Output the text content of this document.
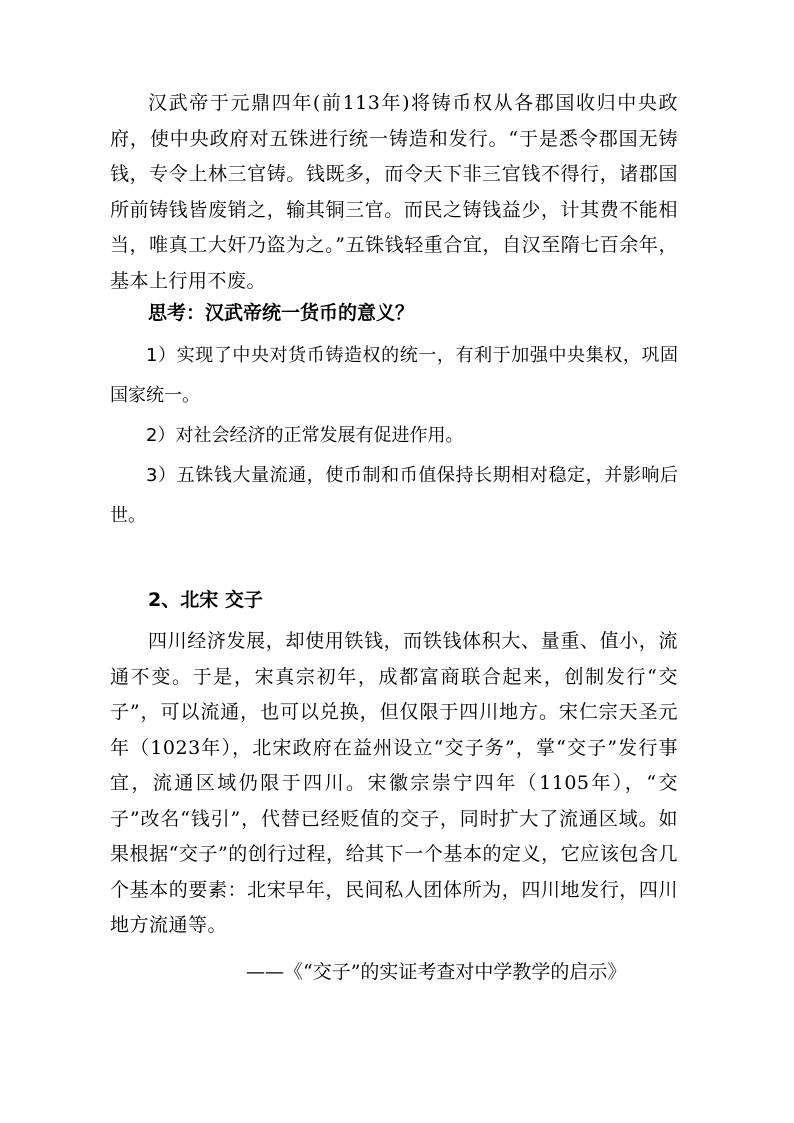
汉武帝于元鼎四年(前113年)将铸币权从各郡国收归中央政府，使中央政府对五铢进行统一铸造和发行。“于是悉令郡国无铸钱，专令上林三官铸。钱既多，而令天下非三官钱不得行，诸郡国所前铸钱皆废销之，输其铜三官。而民之铸钱益少，计其费不能相当，唯真工大奸乃盗为之。”五铢钱轻重合宜，自汉至隋七百余年，基本上行用不废。

思考：汉武帝统一货币的意义？

1）实现了中央对货币铸造权的统一，有利于加强中央集权，巩固国家统一。

2）对社会经济的正常发展有促进作用。

3）五铢钱大量流通，使币制和币值保持长期相对稳定，并影响后世。

2、北宋 交子

四川经济发展，却使用铁钱，而铁钱体积大、量重、值小，流通不变。于是，宋真宗初年，成都富商联合起来，创制发行“交子”，可以流通，也可以兑换，但仅限于四川地方。宋仁宗天圣元年（1023年），北宋政府在益州设立“交子务”，掌“交子”发行事宜，流通区域仍限于四川。宋徽宗崇宁四年（1105年），“交子”改名“钱引”，代替已经贬值的交子，同时扩大了流通区域。如果根据“交子”的创行过程，给其下一个基本的定义，它应该包含几个基本的要素：北宋早年，民间私人团体所为，四川地发行，四川地方流通等。

——《“交子”的实证考查对中学教学的启示》
